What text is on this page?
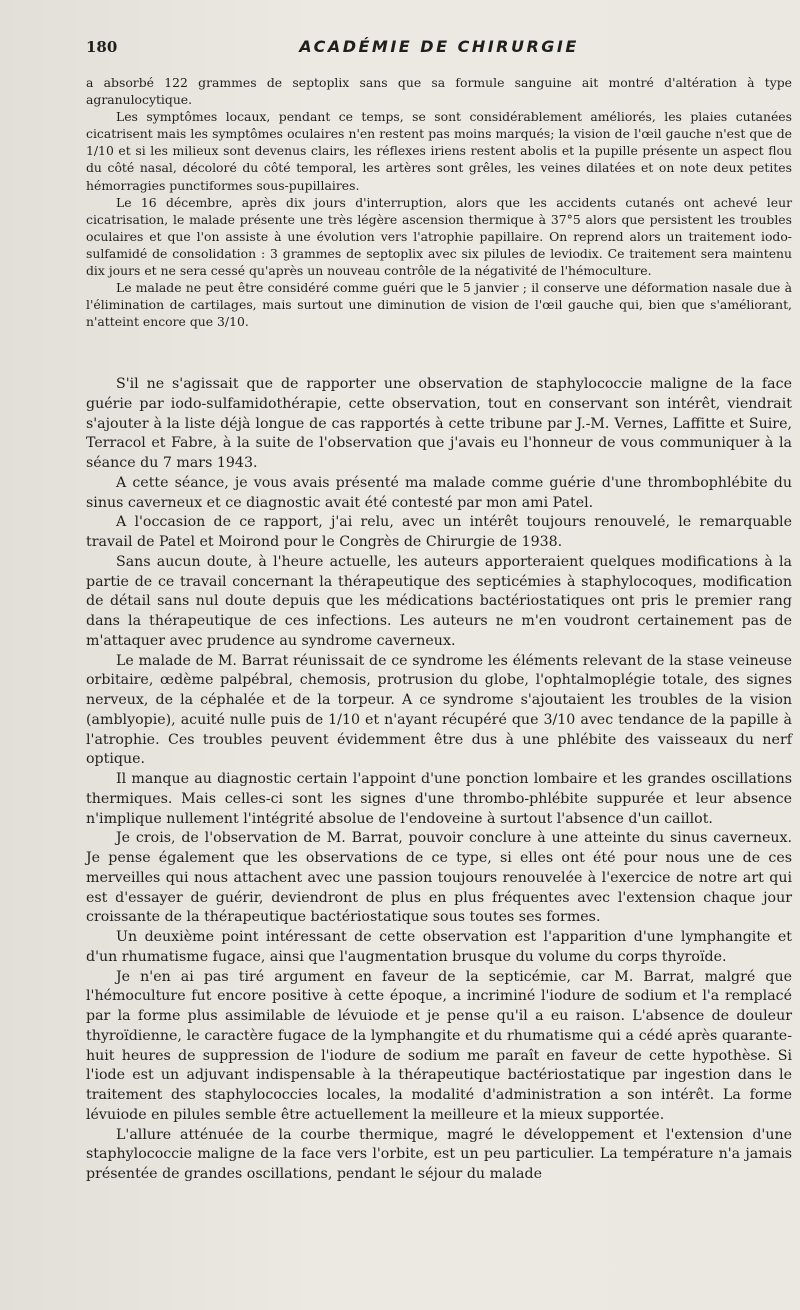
180	ACADÉMIE DE CHIRURGIE

a absorbé 122 grammes de septoplix sans que sa formule sanguine ait montré d'altération à type agranulocytique.

Les symptômes locaux, pendant ce temps, se sont considérablement améliorés, les plaies cutanées cicatrisent mais les symptômes oculaires n'en restent pas moins marqués; la vision de l'œil gauche n'est que de 1/10 et si les milieux sont devenus clairs, les réflexes iriens restent abolis et la pupille présente un aspect flou du côté nasal, décoloré du côté temporal, les artères sont grêles, les veines dilatées et on note deux petites hémorragies punctiformes sous-pupillaires.

Le 16 décembre, après dix jours d'interruption, alors que les accidents cutanés ont achevé leur cicatrisation, le malade présente une très légère ascension thermique à 37°5 alors que persistent les troubles oculaires et que l'on assiste à une évolution vers l'atrophie papillaire. On reprend alors un traitement iodo-sulfamidé de consolidation : 3 grammes de septoplix avec six pilules de leviodix. Ce traitement sera maintenu dix jours et ne sera cessé qu'après un nouveau contrôle de la négativité de l'hémoculture.

Le malade ne peut être considéré comme guéri que le 5 janvier ; il conserve une déformation nasale due à l'élimination de cartilages, mais surtout une diminution de vision de l'œil gauche qui, bien que s'améliorant, n'atteint encore que 3/10.

S'il ne s'agissait que de rapporter une observation de staphylococcie maligne de la face guérie par iodo-sulfamidothérapie, cette observation, tout en conservant son intérêt, viendrait s'ajouter à la liste déjà longue de cas rapportés à cette tribune par J.-M. Vernes, Laffitte et Suire, Terracol et Fabre, à la suite de l'observation que j'avais eu l'honneur de vous communiquer à la séance du 7 mars 1943.

A cette séance, je vous avais présenté ma malade comme guérie d'une thrombophlébite du sinus caverneux et ce diagnostic avait été contesté par mon ami Patel.

A l'occasion de ce rapport, j'ai relu, avec un intérêt toujours renouvelé, le remarquable travail de Patel et Moirond pour le Congrès de Chirurgie de 1938.

Sans aucun doute, à l'heure actuelle, les auteurs apporteraient quelques modifications à la partie de ce travail concernant la thérapeutique des septicémies à staphylocoques, modification de détail sans nul doute depuis que les médications bactériostatiques ont pris le premier rang dans la thérapeutique de ces infections. Les auteurs ne m'en voudront certainement pas de m'attaquer avec prudence au syndrome caverneux.

Le malade de M. Barrat réunissait de ce syndrome les éléments relevant de la stase veineuse orbitaire, œdème palpébral, chemosis, protrusion du globe, l'ophtalmoplégie totale, des signes nerveux, de la céphalée et de la torpeur. A ce syndrome s'ajoutaient les troubles de la vision (amblyopie), acuité nulle puis de 1/10 et n'ayant récupéré que 3/10 avec tendance de la papille à l'atrophie. Ces troubles peuvent évidemment être dus à une phlébite des vaisseaux du nerf optique.

Il manque au diagnostic certain l'appoint d'une ponction lombaire et les grandes oscillations thermiques. Mais celles-ci sont les signes d'une thrombo-phlébite suppurée et leur absence n'implique nullement l'intégrité absolue de l'endoveine à surtout l'absence d'un caillot.

Je crois, de l'observation de M. Barrat, pouvoir conclure à une atteinte du sinus caverneux. Je pense également que les observations de ce type, si elles ont été pour nous une de ces merveilles qui nous attachent avec une passion toujours renouvelée à l'exercice de notre art qui est d'essayer de guérir, deviendront de plus en plus fréquentes avec l'extension chaque jour croissante de la thérapeutique bactériostatique sous toutes ses formes.

Un deuxième point intéressant de cette observation est l'apparition d'une lymphangite et d'un rhumatisme fugace, ainsi que l'augmentation brusque du volume du corps thyroïde.

Je n'en ai pas tiré argument en faveur de la septicémie, car M. Barrat, malgré que l'hémoculture fut encore positive à cette époque, a incriminé l'iodure de sodium et l'a remplacé par la forme plus assimilable de lévuiode et je pense qu'il a eu raison. L'absence de douleur thyroïdienne, le caractère fugace de la lymphangite et du rhumatisme qui a cédé après quarante-huit heures de suppression de l'iodure de sodium me paraît en faveur de cette hypothèse. Si l'iode est un adjuvant indispensable à la thérapeutique bactériostatique par ingestion dans le traitement des staphylococcies locales, la modalité d'administration a son intérêt. La forme lévuiode en pilules semble être actuellement la meilleure et la mieux supportée.

L'allure atténuée de la courbe thermique, magré le développement et l'extension d'une staphylococcie maligne de la face vers l'orbite, est un peu particulier. La température n'a jamais présentée de grandes oscillations, pendant le séjour du malade
